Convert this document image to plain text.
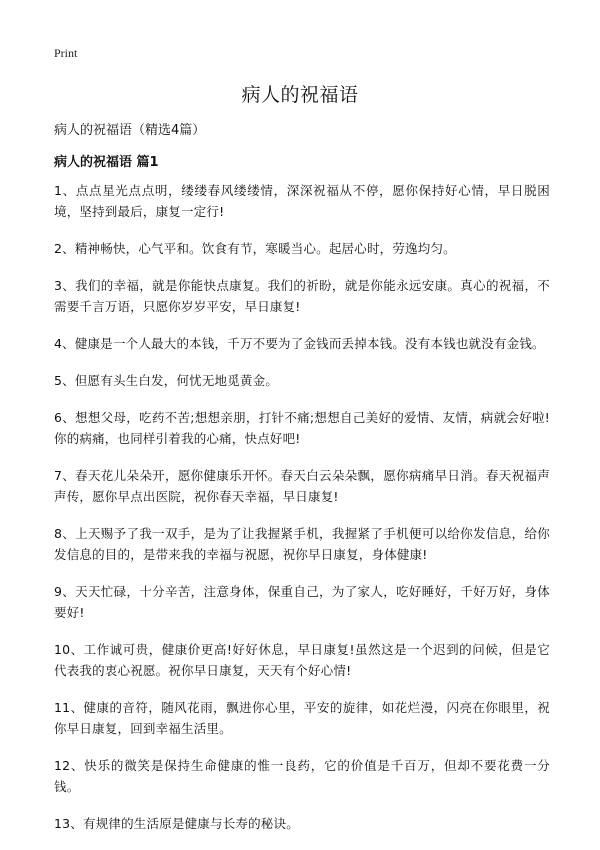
Print
病人的祝福语

病人的祝福语（精选4篇）

病人的祝福语 篇1

1、点点星光点点明，缕缕春风缕缕情，深深祝福从不停，愿你保持好心情，早日脱困境，坚持到最后，康复一定行!
2、精神畅快，心气平和。饮食有节，寒暖当心。起居心时，劳逸均匀。
3、我们的幸福，就是你能快点康复。我们的祈盼，就是你能永远安康。真心的祝福，不需要千言万语，只愿你岁岁平安，早日康复!
4、健康是一个人最大的本钱，千万不要为了金钱而丢掉本钱。没有本钱也就没有金钱。
5、但愿有头生白发，何忧无地觅黄金。
6、想想父母，吃药不苦;想想亲朋，打针不痛;想想自己美好的爱情、友情，病就会好啦!你的病痛，也同样引着我的心痛，快点好吧!
7、春天花儿朵朵开，愿你健康乐开怀。春天白云朵朵飘，愿你病痛早日消。春天祝福声声传，愿你早点出医院，祝你春天幸福，早日康复!
8、上天赐予了我一双手，是为了让我握紧手机，我握紧了手机便可以给你发信息，给你发信息的目的，是带来我的幸福与祝愿，祝你早日康复，身体健康!
9、天天忙碌，十分辛苦，注意身体，保重自己，为了家人，吃好睡好，千好万好，身体要好!
10、工作诚可贵，健康价更高!好好休息，早日康复!虽然这是一个迟到的问候，但是它代表我的衷心祝愿。祝你早日康复，天天有个好心情!
11、健康的音符，随风花雨，飘进你心里，平安的旋律，如花烂漫，闪亮在你眼里，祝你早日康复，回到幸福生活里。
12、快乐的微笑是保持生命健康的惟一良药，它的价值是千百万，但却不要花费一分钱。
13、有规律的生活原是健康与长寿的秘诀。
